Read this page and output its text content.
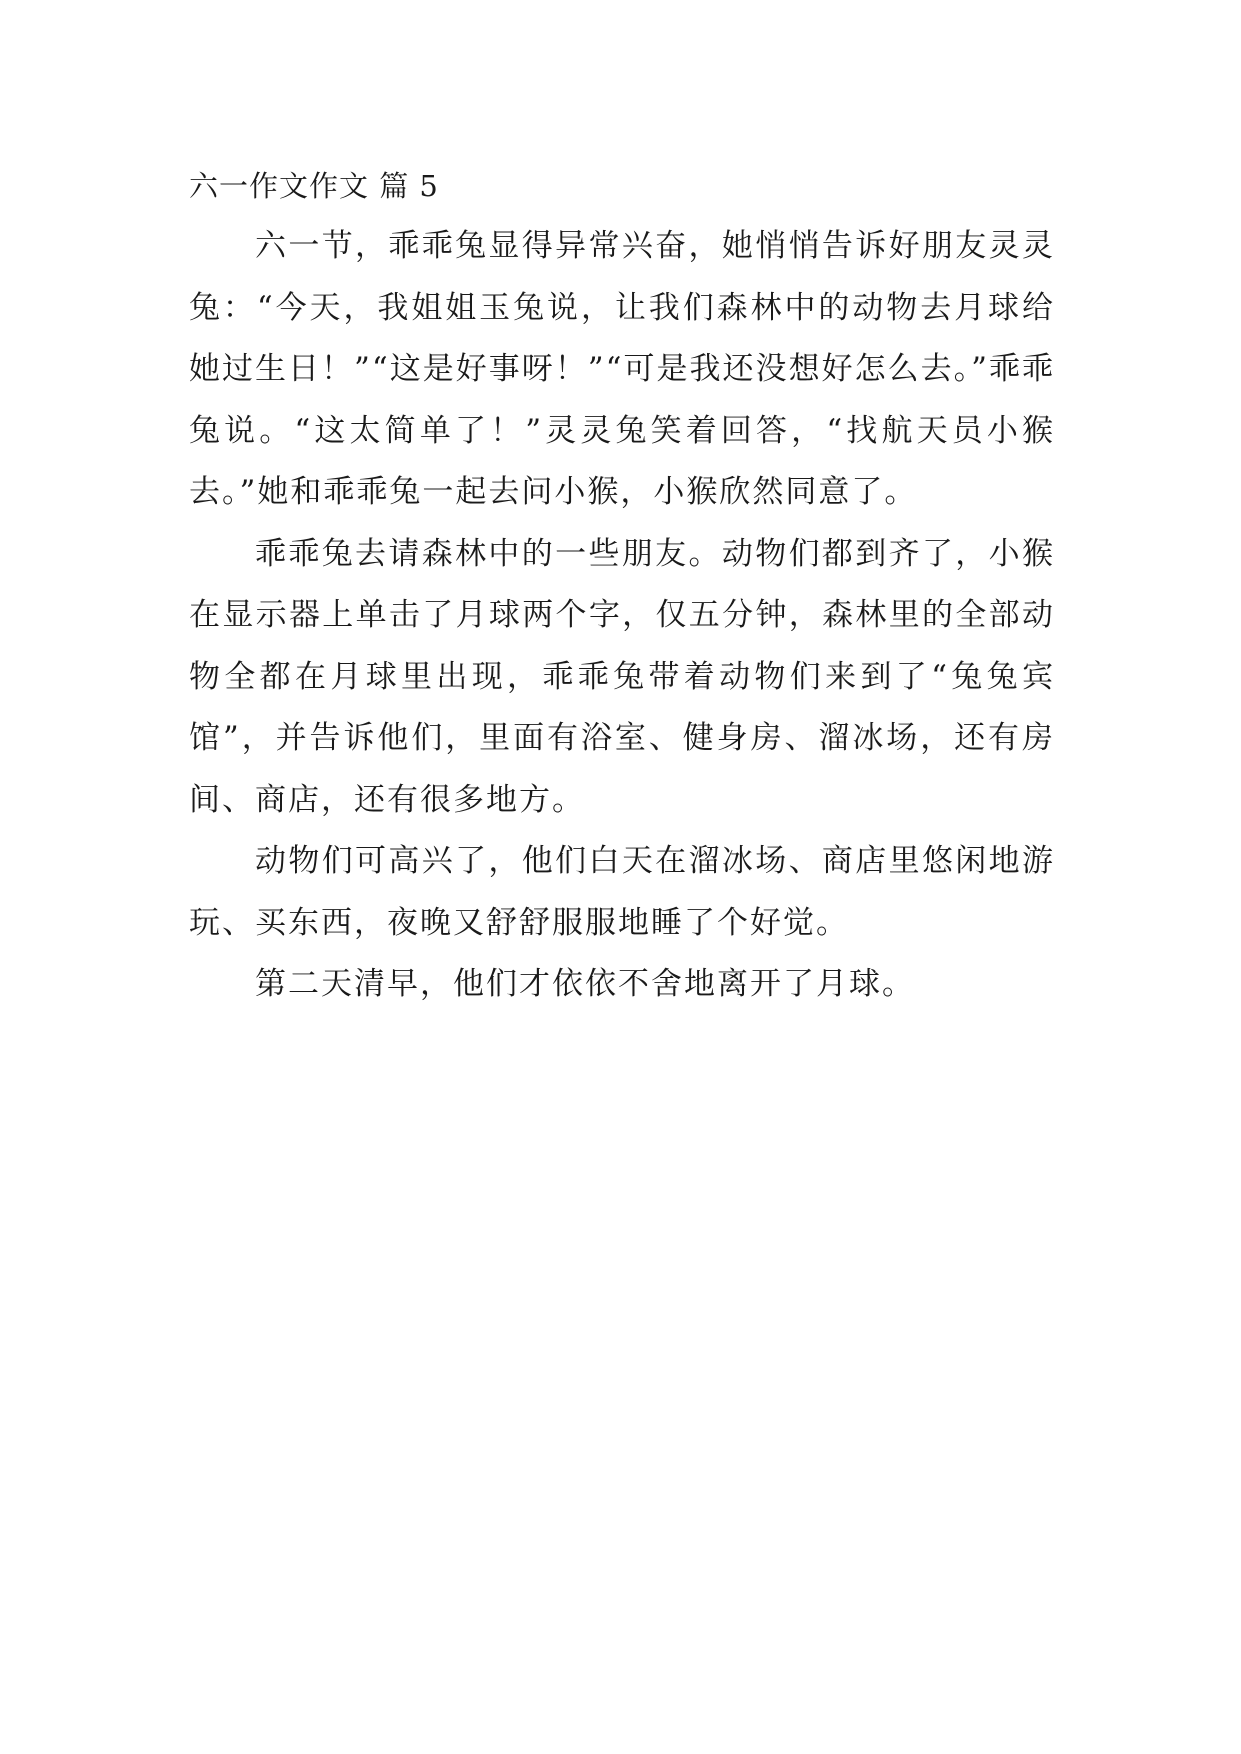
六一作文作文 篇 5

六一节，乖乖兔显得异常兴奋，她悄悄告诉好朋友灵灵兔：“今天，我姐姐玉兔说，让我们森林中的动物去月球给她过生日！”“这是好事呀！”“可是我还没想好怎么去。”乖乖兔说。“这太简单了！”灵灵兔笑着回答，“找航天员小猴去。”她和乖乖兔一起去问小猴，小猴欣然同意了。

乖乖兔去请森林中的一些朋友。动物们都到齐了，小猴在显示器上单击了月球两个字，仅五分钟，森林里的全部动物全都在月球里出现，乖乖兔带着动物们来到了“兔兔宾馆”，并告诉他们，里面有浴室、健身房、溜冰场，还有房间、商店，还有很多地方。

动物们可高兴了，他们白天在溜冰场、商店里悠闲地游玩、买东西，夜晚又舒舒服服地睡了个好觉。

第二天清早，他们才依依不舍地离开了月球。
